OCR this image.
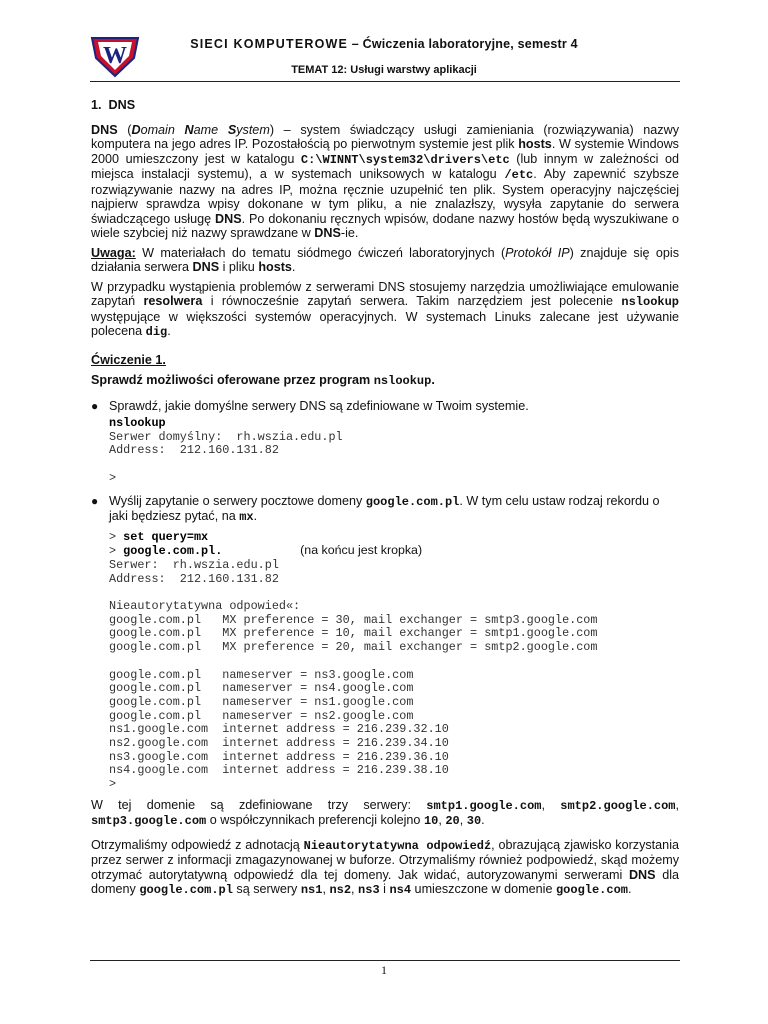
W	SIECI KOMPUTEROWE – Ćwiczenia laboratoryjne, semestr 4
TEMAT 12: Usługi warstwy aplikacji
1. DNS

DNS (Domain Name System) – system świadczący usługi zamieniania (rozwiązywania) nazwy komputera na jego adres IP. Pozostałością po pierwotnym systemie jest plik hosts. W systemie Windows 2000 umieszczony jest w katalogu C:\WINNT\system32\drivers\etc (lub innym w zależności od miejsca instalacji systemu), a w systemach uniksowych w katalogu /etc. Aby zapewnić szybsze rozwiązywanie nazwy na adres IP, można ręcznie uzupełnić ten plik. System operacyjny najczęściej najpierw sprawdza wpisy dokonane w tym pliku, a nie znalazłszy, wysyła zapytanie do serwera świadczącego usługę DNS. Po dokonaniu ręcznych wpisów, dodane nazwy hostów będą wyszukiwane o wiele szybciej niż nazwy sprawdzane w DNS-ie.

Uwaga: W materiałach do tematu siódmego ćwiczeń laboratoryjnych (Protokół IP) znajduje się opis działania serwera DNS i pliku hosts.

W przypadku wystąpienia problemów z serwerami DNS stosujemy narzędzia umożliwiające emulowanie zapytań resolwera i równocześnie zapytań serwera. Takim narzędziem jest polecenie nslookup występujące w większości systemów operacyjnych. W systemach Linuks zalecane jest używanie polecena dig.

Ćwiczenie 1.

Sprawdź możliwości oferowane przez program nslookup.

● Sprawdź, jakie domyślne serwery DNS są zdefiniowane w Twoim systemie.
nslookup
Serwer domyślny:  rh.wszia.edu.pl
Address:  212.160.131.82

>
● Wyślij zapytanie o serwery pocztowe domeny google.com.pl. W tym celu ustaw rodzaj rekordu o jaki będziesz pytać, na mx.
> set query=mx
> google.com.pl.	(na końcu jest kropka)
Serwer:  rh.wszia.edu.pl
Address:  212.160.131.82

Nieautorytatywna odpowied«:
google.com.pl   MX preference = 30, mail exchanger = smtp3.google.com
google.com.pl   MX preference = 10, mail exchanger = smtp1.google.com
google.com.pl   MX preference = 20, mail exchanger = smtp2.google.com

google.com.pl   nameserver = ns3.google.com
google.com.pl   nameserver = ns4.google.com
google.com.pl   nameserver = ns1.google.com
google.com.pl   nameserver = ns2.google.com
ns1.google.com  internet address = 216.239.32.10
ns2.google.com  internet address = 216.239.34.10
ns3.google.com  internet address = 216.239.36.10
ns4.google.com  internet address = 216.239.38.10
>

W tej domenie są zdefiniowane trzy serwery: smtp1.google.com, smtp2.google.com, smtp3.google.com o współczynnikach preferencji kolejno 10, 20, 30.

Otrzymaliśmy odpowiedź z adnotacją Nieautorytatywna odpowiedź, obrazującą zjawisko korzystania przez serwer z informacji zmagazynowanej w buforze. Otrzymaliśmy również podpowiedź, skąd możemy otrzymać autorytatywną odpowiedź dla tej domeny. Jak widać, autoryzowanymi serwerami DNS dla domeny google.com.pl są serwery ns1, ns2, ns3 i ns4 umieszczone w domenie google.com.

1
